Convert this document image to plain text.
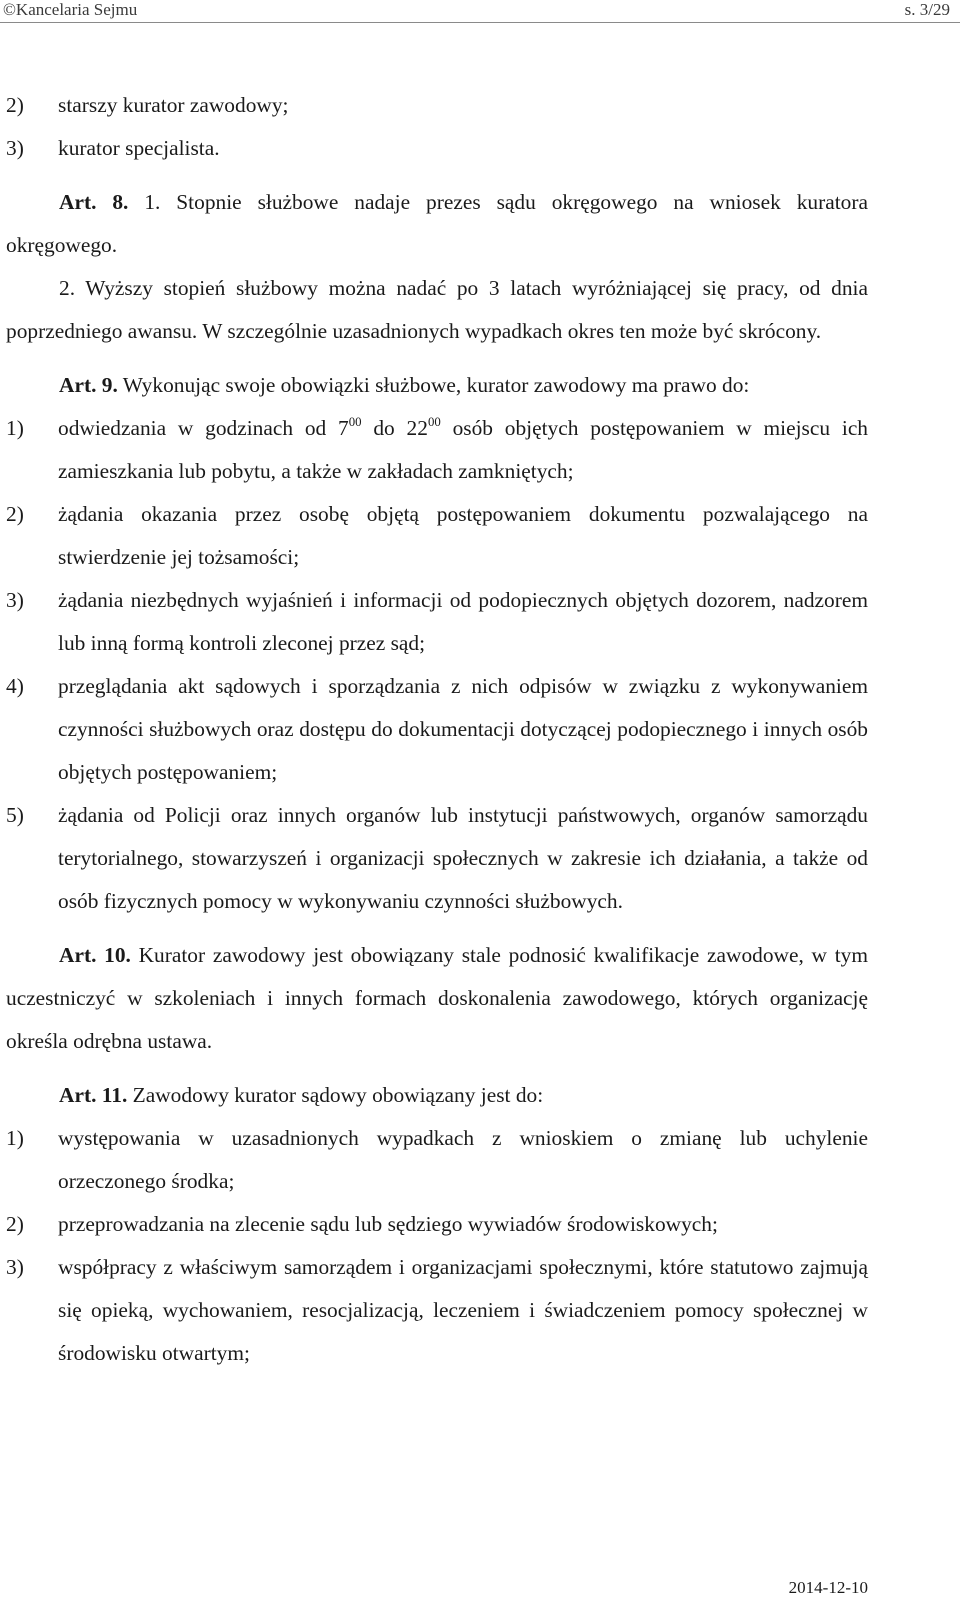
©Kancelaria Sejmu	s. 3/29
2) starszy kurator zawodowy;
3) kurator specjalista.

Art. 8. 1. Stopnie służbowe nadaje prezes sądu okręgowego na wniosek kuratora okręgowego.

2. Wyższy stopień służbowy można nadać po 3 latach wyróżniającej się pracy, od dnia poprzedniego awansu. W szczególnie uzasadnionych wypadkach okres ten może być skrócony.

Art. 9. Wykonując swoje obowiązki służbowe, kurator zawodowy ma prawo do:

1) odwiedzania w godzinach od $7^{00}$ do $22^{00}$ osób objętych postępowaniem w miejscu ich zamieszkania lub pobytu, a także w zakładach zamkniętych;
2) żądania okazania przez osobę objętą postępowaniem dokumentu pozwalającego na stwierdzenie jej tożsamości;
3) żądania niezbędnych wyjaśnień i informacji od podopiecznych objętych dozorem, nadzorem lub inną formą kontroli zleconej przez sąd;
4) przeglądania akt sądowych i sporządzania z nich odpisów w związku z wykonywaniem czynności służbowych oraz dostępu do dokumentacji dotyczącej podopiecznego i innych osób objętych postępowaniem;
5) żądania od Policji oraz innych organów lub instytucji państwowych, organów samorządu terytorialnego, stowarzyszeń i organizacji społecznych w zakresie ich działania, a także od osób fizycznych pomocy w wykonywaniu czynności służbowych.

Art. 10. Kurator zawodowy jest obowiązany stale podnosić kwalifikacje zawodowe, w tym uczestniczyć w szkoleniach i innych formach doskonalenia zawodowego, których organizację określa odrębna ustawa.

Art. 11. Zawodowy kurator sądowy obowiązany jest do:

1) występowania w uzasadnionych wypadkach z wnioskiem o zmianę lub uchylenie orzeczonego środka;
2) przeprowadzania na zlecenie sądu lub sędziego wywiadów środowiskowych;
3) współpracy z właściwym samorządem i organizacjami społecznymi, które statutowo zajmują się opieką, wychowaniem, resocjalizacją, leczeniem i świadczeniem pomocy społecznej w środowisku otwartym;
2014-12-10
